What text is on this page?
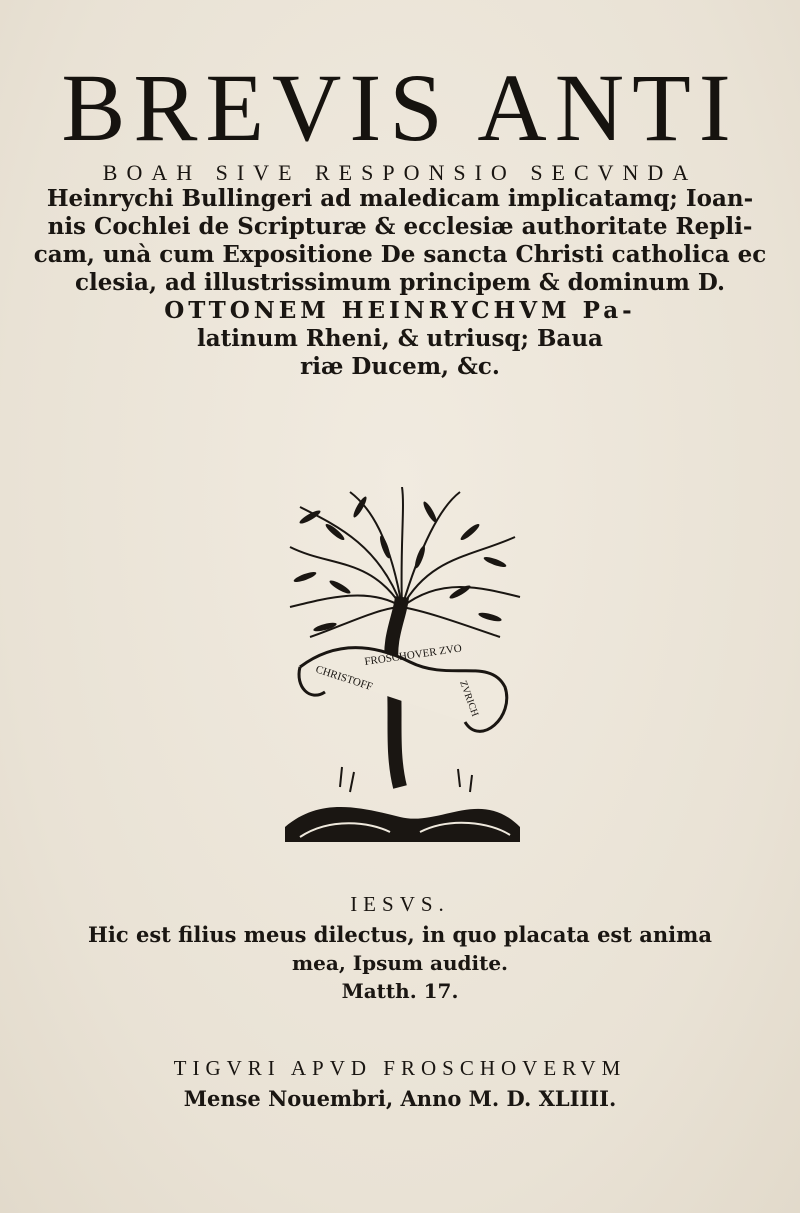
BREVIS ANTI
BOAH SIVE RESPONSIO SECVNDA
Heinrychi Bullingeri ad maledicam implicatamq; Ioan-
nis Cochlei de Scripturæ & ecclesiæ authoritate Repli-
cam, unà cum Expositione De sancta Christi catholica ec
clesia, ad illustrissimum principem & dominum D.
OTTONEM HEINRYCHVM Pa-
latinum Rheni, & utriusq; Baua
riæ Ducem, &c.
CHRISTOFF
FROSCHOVER ZVO
ZVRICH
IESVS.
Hic est filius meus dilectus, in quo placata est anima
mea, Ipsum audite.
Matth. 17.
TIGVRI APVD FROSCHOVERVM
Mense Nouembri, Anno M. D. XLIIII.
